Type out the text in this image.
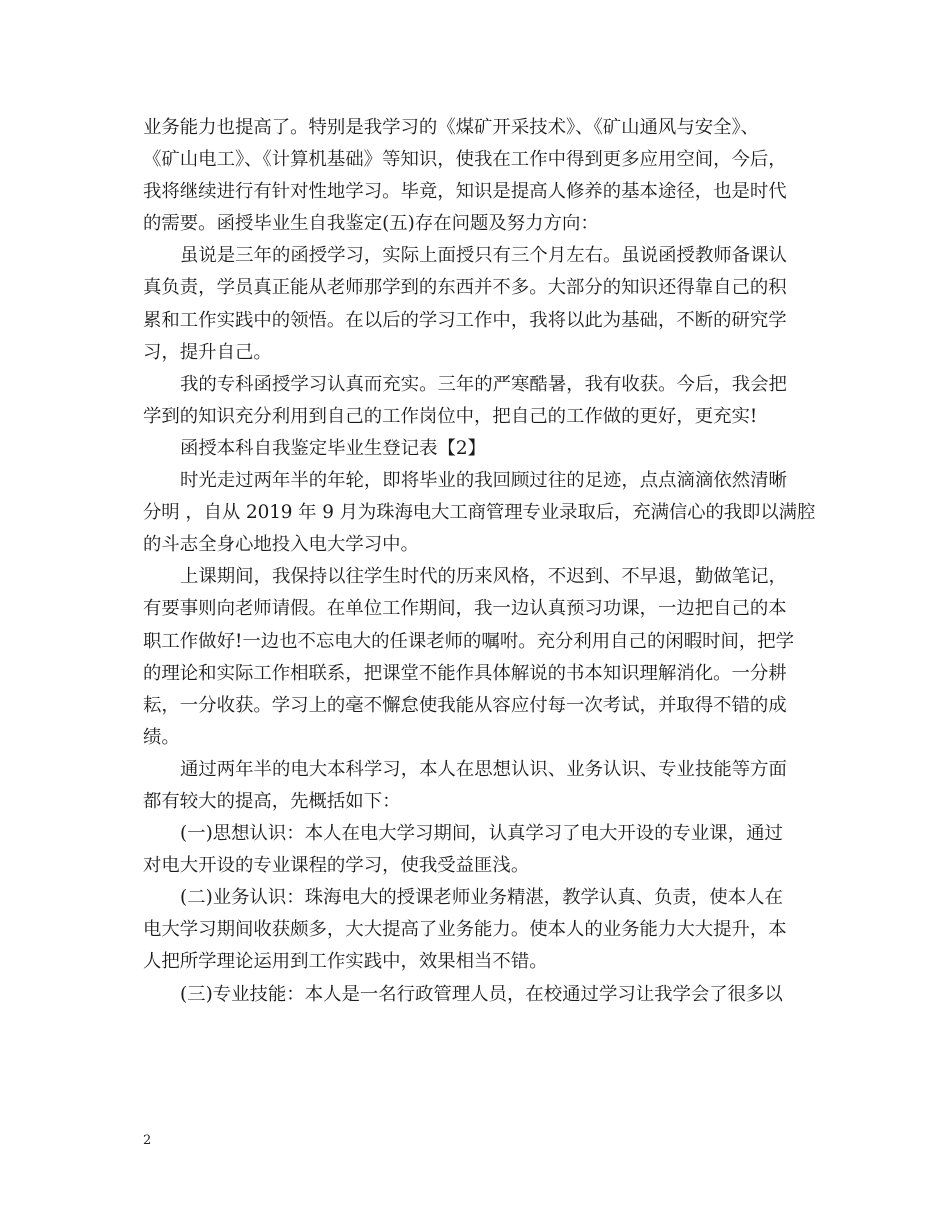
业务能力也提高了。特别是我学习的《煤矿开采技术》、《矿山通风与安全》、

《矿山电工》、《计算机基础》等知识，使我在工作中得到更多应用空间，今后，

我将继续进行有针对性地学习。毕竟，知识是提高人修养的基本途径，也是时代

的需要。函授毕业生自我鉴定(五)存在问题及努力方向：

虽说是三年的函授学习，实际上面授只有三个月左右。虽说函授教师备课认

真负责，学员真正能从老师那学到的东西并不多。大部分的知识还得靠自己的积

累和工作实践中的领悟。在以后的学习工作中，我将以此为基础，不断的研究学

习，提升自己。

我的专科函授学习认真而充实。三年的严寒酷暑，我有收获。今后，我会把

学到的知识充分利用到自己的工作岗位中，把自己的工作做的更好，更充实!

函授本科自我鉴定毕业生登记表【2】

时光走过两年半的年轮，即将毕业的我回顾过往的足迹，点点滴滴依然清晰

分明 ，自从 2019 年 9 月为珠海电大工商管理专业录取后，充满信心的我即以满腔

的斗志全身心地投入电大学习中。

上课期间，我保持以往学生时代的历来风格，不迟到、不早退，勤做笔记，

有要事则向老师请假。在单位工作期间，我一边认真预习功课，一边把自己的本

职工作做好!一边也不忘电大的任课老师的嘱咐。充分利用自己的闲暇时间，把学

的理论和实际工作相联系，把课堂不能作具体解说的书本知识理解消化。一分耕

耘，一分收获。学习上的毫不懈怠使我能从容应付每一次考试，并取得不错的成

绩。

通过两年半的电大本科学习，本人在思想认识、业务认识、专业技能等方面

都有较大的提高，先概括如下：

(一)思想认识：本人在电大学习期间，认真学习了电大开设的专业课，通过

对电大开设的专业课程的学习，使我受益匪浅。

(二)业务认识：珠海电大的授课老师业务精湛，教学认真、负责，使本人在

电大学习期间收获颇多，大大提高了业务能力。使本人的业务能力大大提升，本

人把所学理论运用到工作实践中，效果相当不错。

(三)专业技能：本人是一名行政管理人员，在校通过学习让我学会了很多以

2
